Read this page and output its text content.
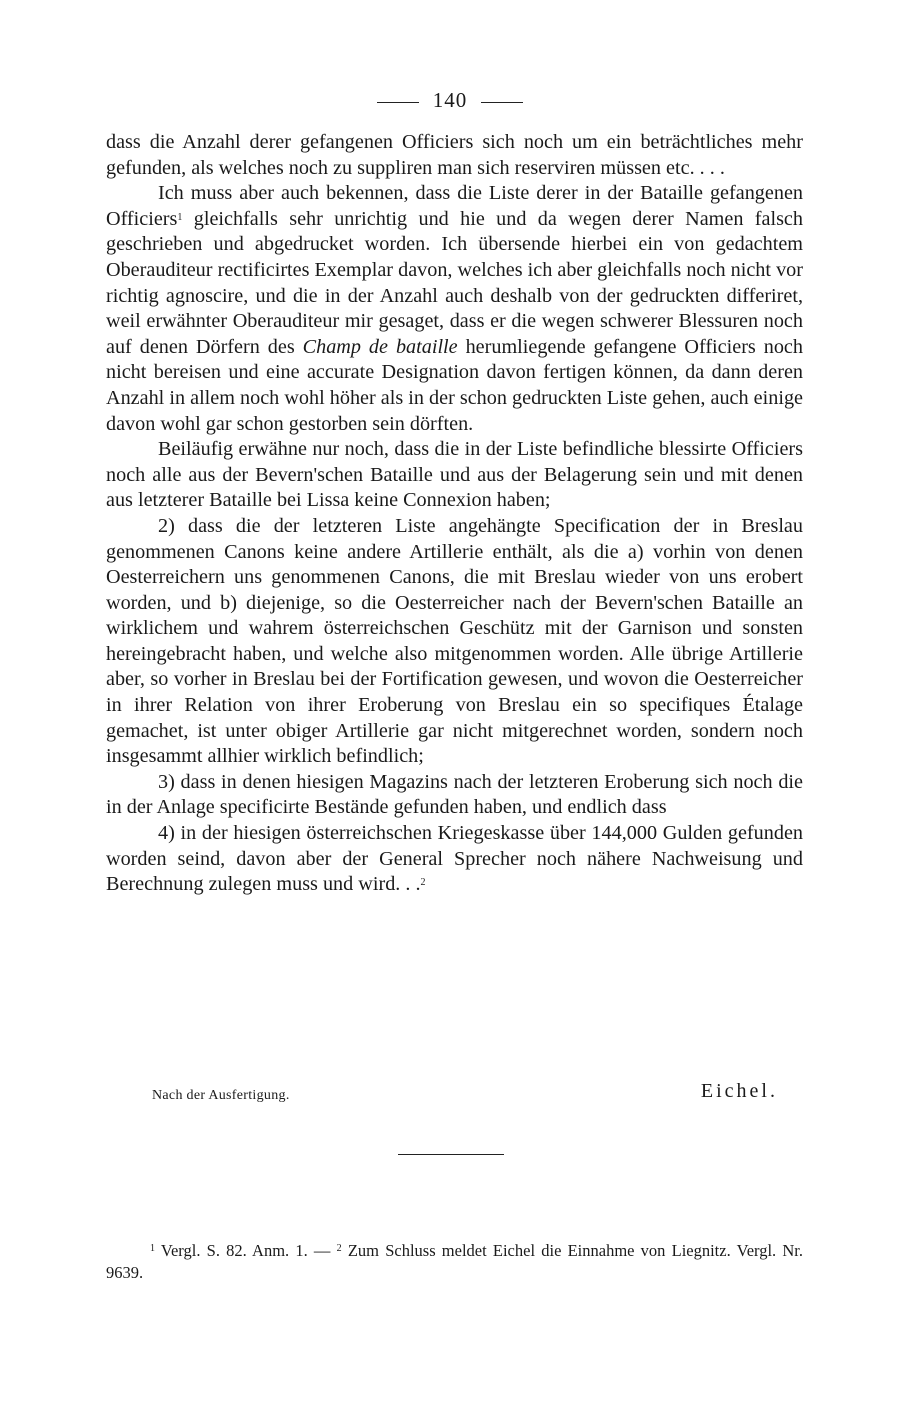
140

dass die Anzahl derer gefangenen Officiers sich noch um ein beträchtliches mehr gefunden, als welches noch zu suppliren man sich reserviren müssen etc. . . .

Ich muss aber auch bekennen, dass die Liste derer in der Bataille gefangenen Officiers$^1$ gleichfalls sehr unrichtig und hie und da wegen derer Namen falsch geschrieben und abgedrucket worden. Ich übersende hierbei ein von gedachtem Oberauditeur rectificirtes Exemplar davon, welches ich aber gleichfalls noch nicht vor richtig agnoscire, und die in der Anzahl auch deshalb von der gedruckten differiret, weil erwähnter Oberauditeur mir gesaget, dass er die wegen schwerer Blessuren noch auf denen Dörfern des Champ de bataille herumliegende gefangene Officiers noch nicht bereisen und eine accurate Designation davon fertigen können, da dann deren Anzahl in allem noch wohl höher als in der schon gedruckten Liste gehen, auch einige davon wohl gar schon gestorben sein dörften.

Beiläufig erwähne nur noch, dass die in der Liste befindliche blessirte Officiers noch alle aus der Bevern'schen Bataille und aus der Belagerung sein und mit denen aus letzterer Bataille bei Lissa keine Connexion haben;

2) dass die der letzteren Liste angehängte Specification der in Breslau genommenen Canons keine andere Artillerie enthält, als die a) vorhin von denen Oesterreichern uns genommenen Canons, die mit Breslau wieder von uns erobert worden, und b) diejenige, so die Oesterreicher nach der Bevern'schen Bataille an wirklichem und wahrem österreichschen Geschütz mit der Garnison und sonsten hereingebracht haben, und welche also mitgenommen worden. Alle übrige Artillerie aber, so vorher in Breslau bei der Fortification gewesen, und wovon die Oesterreicher in ihrer Relation von ihrer Eroberung von Breslau ein so specifiques Étalage gemachet, ist unter obiger Artillerie gar nicht mitgerechnet worden, sondern noch insgesammt allhier wirklich befindlich;

3) dass in denen hiesigen Magazins nach der letzteren Eroberung sich noch die in der Anlage specificirte Bestände gefunden haben, und endlich dass

4) in der hiesigen österreichschen Kriegeskasse über 144,000 Gulden gefunden worden seind, davon aber der General Sprecher noch nähere Nachweisung und Berechnung zulegen muss und wird. . .$^2$

Nach der Ausfertigung.	Eichel.

$^1$ Vergl. S. 82. Anm. 1. — $^2$ Zum Schluss meldet Eichel die Einnahme von Liegnitz. Vergl. Nr. 9639.
